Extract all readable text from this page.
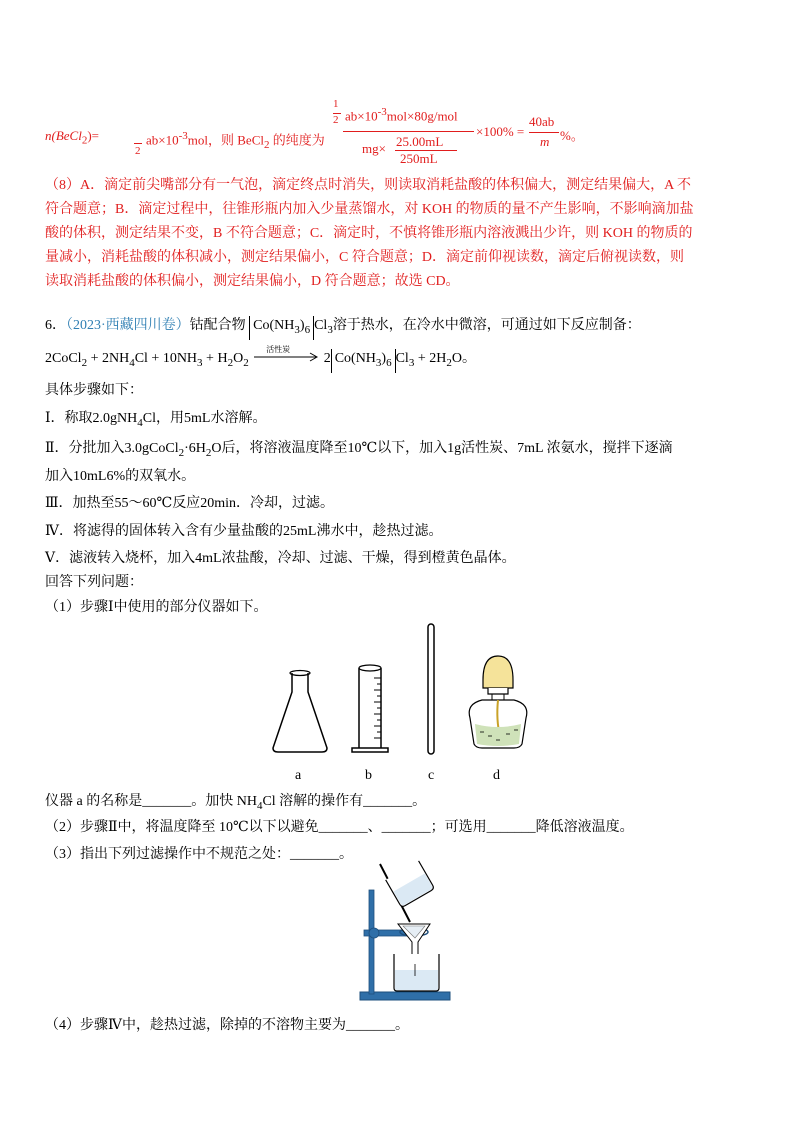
n(BeCl$_2$)=
2
$ab\times 10^{-3}mol$，则 BeCl$_2$ 的纯度为
1
2 $ab\times 10^{-3}mol\times 80g$/mol
mg× 25.00mL
250mL
×100% =
40ab
m %。
（8）A．滴定前尖嘴部分有一气泡，滴定终点时消失，则读取消耗盐酸的体积偏大，测定结果偏大，A 不
符合题意；B．滴定过程中，往锥形瓶内加入少量蒸馏水，对 KOH 的物质的量不产生影响，不影响滴加盐
酸的体积，测定结果不变，B 不符合题意；C．滴定时，不慎将锥形瓶内溶液溅出少许，则 KOH 的物质的
量减小，消耗盐酸的体积减小，测定结果偏小，C 符合题意；D．滴定前仰视读数，滴定后俯视读数，则
读取消耗盐酸的体积偏小，测定结果偏小，D 符合题意；故选 CD。
6．（2023·西藏四川卷）钴配合物 $Co(NH_3)_6$ $Cl_3$溶于热水，在冷水中微溶，可通过如下反应制备：
2CoCl$_2$ + $2NH_4Cl + 10NH_3 + H_2O_2$
活性炭
2 $Co(NH_3)_6$ $Cl_3 + 2H_2O$。
具体步骤如下：
Ⅰ．称取2.0gNH$_4$Cl，用5mL水溶解。
Ⅱ．分批加入$3.0gCoCl_2\cdot 6H_2O$后，将溶液温度降至10℃以下，加入1g活性炭、7mL 浓氨水，搅拌下逐滴
加入10mL6%的双氧水。
Ⅲ．加热至55～60℃反应20min．冷却，过滤。
Ⅳ．将滤得的固体转入含有少量盐酸的25mL沸水中，趁热过滤。
Ⅴ．滤液转入烧杯，加入4mL浓盐酸，冷却、过滤、干燥，得到橙黄色晶体。
回答下列问题：
（1）步骤Ⅰ中使用的部分仪器如下。
a	b	c	d
仪器 a 的名称是_______。加快 $NH_4Cl$ 溶解的操作有_______。
（2）步骤Ⅱ中，将温度降至 10℃以下以避免_______、_______；可选用_______降低溶液温度。
（3）指出下列过滤操作中不规范之处：_______。
（4）步骤Ⅳ中，趁热过滤，除掉的不溶物主要为_______。
